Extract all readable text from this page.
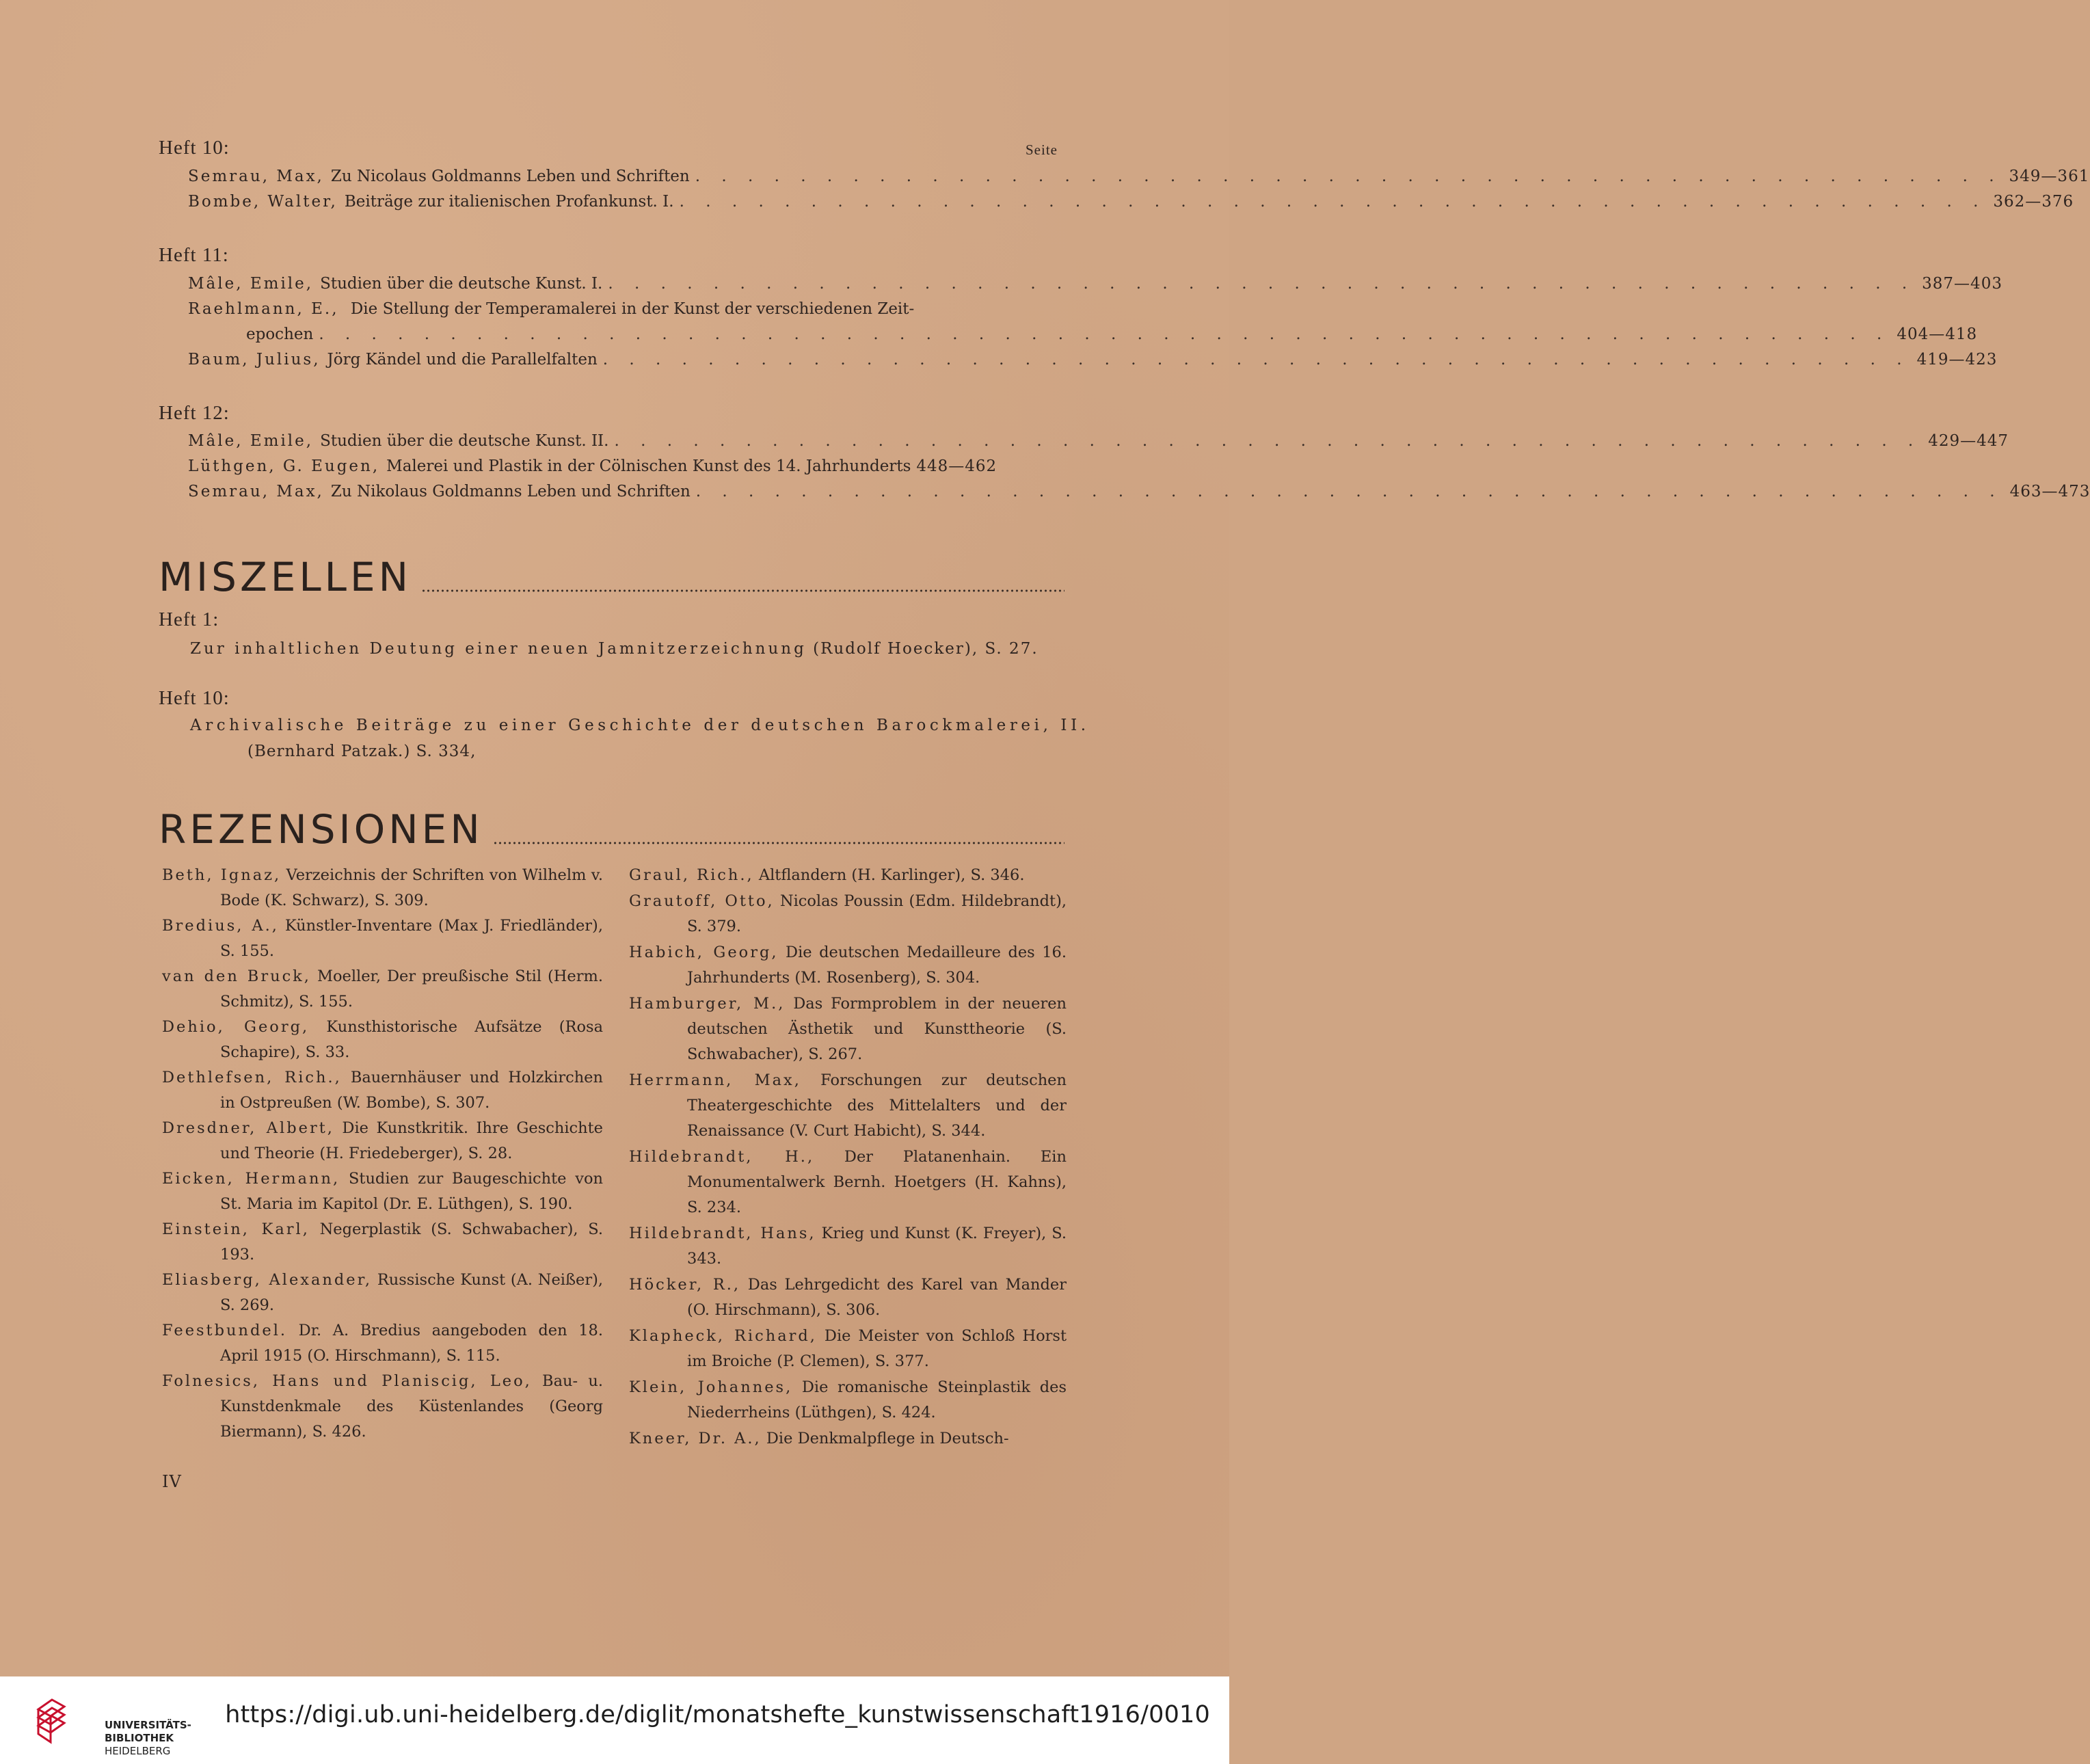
Heft 10:	Seite
Semrau, Max, Zu Nicolaus Goldmanns Leben und Schriften . . . . . . . . . . . . . . . . . . . . . . . . . . . . . . . . . . . . . . . . . . . . . . . . . . 349—361
Bombe, Walter, Beiträge zur italienischen Profankunst. I. . . . . . . . . . . . . . . . . . . . . . . . . . . . . . . . . . . . . . . . . . . . . . . . . . . 362—376
Heft 11:
Mâle, Emile, Studien über die deutsche Kunst. I. . . . . . . . . . . . . . . . . . . . . . . . . . . . . . . . . . . . . . . . . . . . . . . . . . . 387—403
Raehlmann, E., Die Stellung der Temperamalerei in der Kunst der verschiedenen Zeit-
epochen . . . . . . . . . . . . . . . . . . . . . . . . . . . . . . . . . . . . . . . . . . . . . . . . . . . . . . . . . . . . 404—418
Baum, Julius, Jörg Kändel und die Parallelfalten . . . . . . . . . . . . . . . . . . . . . . . . . . . . . . . . . . . . . . . . . . . . . . . . . . 419—423
Heft 12:
Mâle, Emile, Studien über die deutsche Kunst. II. . . . . . . . . . . . . . . . . . . . . . . . . . . . . . . . . . . . . . . . . . . . . . . . . . . 429—447
Lüthgen, G. Eugen, Malerei und Plastik in der Cölnischen Kunst des 14. Jahrhunderts 448—462
Semrau, Max, Zu Nikolaus Goldmanns Leben und Schriften . . . . . . . . . . . . . . . . . . . . . . . . . . . . . . . . . . . . . . . . . . . . . . . . . . 463—473
MISZELLEN
Heft 1:
Zur inhaltlichen Deutung einer neuen Jamnitzerzeichnung (Rudolf Hoecker), S. 27.
Heft 10:
Archivalische Beiträge zu einer Geschichte der deutschen Barockmalerei, II.
(Bernhard Patzak.) S. 334,
REZENSIONEN
Beth, Ignaz, Verzeichnis der Schriften von Wilhelm v. Bode (K. Schwarz), S. 309.
Bredius, A., Künstler-Inventare (Max J. Friedländer), S. 155.
van den Bruck, Moeller, Der preußische Stil (Herm. Schmitz), S. 155.
Dehio, Georg, Kunsthistorische Aufsätze (Rosa Schapire), S. 33.
Dethlefsen, Rich., Bauernhäuser und Holzkirchen in Ostpreußen (W. Bombe), S. 307.
Dresdner, Albert, Die Kunstkritik. Ihre Geschichte und Theorie (H. Friedeberger), S. 28.
Eicken, Hermann, Studien zur Baugeschichte von St. Maria im Kapitol (Dr. E. Lüthgen), S. 190.
Einstein, Karl, Negerplastik (S. Schwabacher), S. 193.
Eliasberg, Alexander, Russische Kunst (A. Neißer), S. 269.
Feestbundel. Dr. A. Bredius aangeboden den 18. April 1915 (O. Hirschmann), S. 115.
Folnesics, Hans und Planiscig, Leo, Bau- u. Kunstdenkmale des Küstenlandes (Georg Biermann), S. 426.
Graul, Rich., Altflandern (H. Karlinger), S. 346.
Grautoff, Otto, Nicolas Poussin (Edm. Hildebrandt), S. 379.
Habich, Georg, Die deutschen Medailleure des 16. Jahrhunderts (M. Rosenberg), S. 304.
Hamburger, M., Das Formproblem in der neueren deutschen Ästhetik und Kunsttheorie (S. Schwabacher), S. 267.
Herrmann, Max, Forschungen zur deutschen Theatergeschichte des Mittelalters und der Renaissance (V. Curt Habicht), S. 344.
Hildebrandt, H., Der Platanenhain. Ein Monumentalwerk Bernh. Hoetgers (H. Kahns), S. 234.
Hildebrandt, Hans, Krieg und Kunst (K. Freyer), S. 343.
Höcker, R., Das Lehrgedicht des Karel van Mander (O. Hirschmann), S. 306.
Klapheck, Richard, Die Meister von Schloß Horst im Broiche (P. Clemen), S. 377.
Klein, Johannes, Die romanische Steinplastik des Niederrheins (Lüthgen), S. 424.
Kneer, Dr. A., Die Denkmalpflege in Deutsch-
IV
UNIVERSITÄTS-
BIBLIOTHEK
HEIDELBERG
https://digi.ub.uni-heidelberg.de/diglit/monatshefte_kunstwissenschaft1916/0010
